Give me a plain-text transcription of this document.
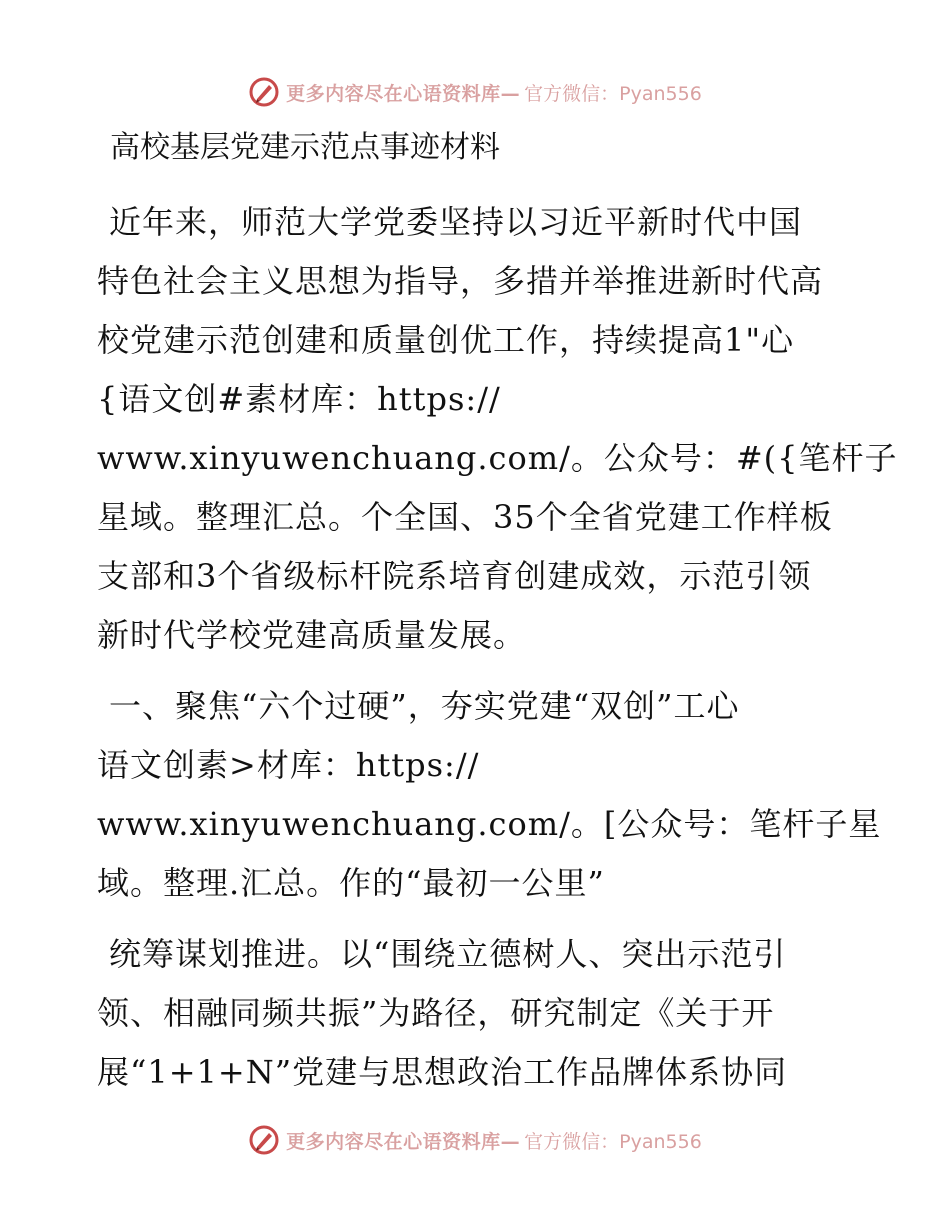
更多内容尽在心语资料库— 官方微信：Pyan556
高校基层党建示范点事迹材料
近年来，师范大学党委坚持以习近平新时代中国
特色社会主义思想为指导，多措并举推进新时代高
校党建示范创建和质量创优工作，持续提高1"心
{语文创#素材库：https://
www.xinyuwenchuang.com/。公众号：#({笔杆子
星域。整理汇总。个全国、35个全省党建工作样板
支部和3个省级标杆院系培育创建成效，示范引领
新时代学校党建高质量发展。
一、聚焦“六个过硬”，夯实党建“双创”工心
语文创素>材库：https://
www.xinyuwenchuang.com/。[公众号：笔杆子星
域。整理.汇总。作的“最初一公里”
统筹谋划推进。以“围绕立德树人、突出示范引
领、相融同频共振”为路径，研究制定《关于开
展“1+1+N”党建与思想政治工作品牌体系协同
更多内容尽在心语资料库— 官方微信：Pyan556
